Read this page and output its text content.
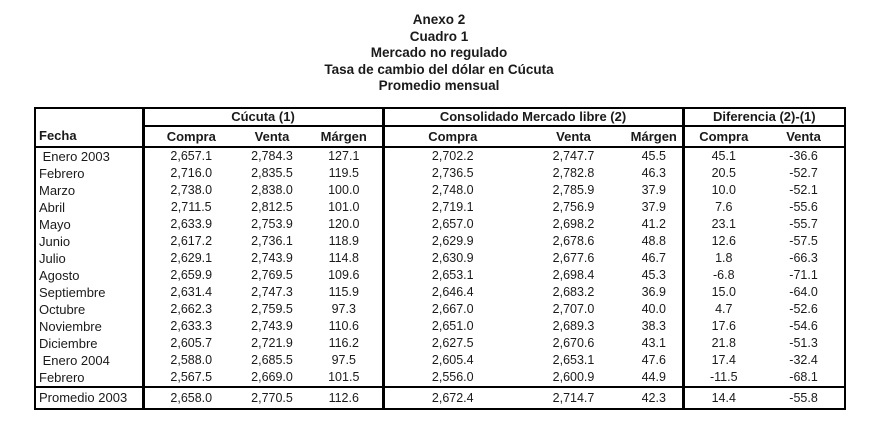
Anexo 2
Cuadro 1
Mercado no regulado
Tasa de cambio del dólar en Cúcuta
Promedio mensual
Fecha	Cúcuta (1)			Consolidado Mercado libre (2)			Diferencia (2)-(1)	
	Compra	Venta	Márgen	Compra	Venta	Márgen	Compra	Venta
Enero 2003	2,657.1	2,784.3	127.1	2,702.2	2,747.7	45.5	45.1	-36.6
Febrero	2,716.0	2,835.5	119.5	2,736.5	2,782.8	46.3	20.5	-52.7
Marzo	2,738.0	2,838.0	100.0	2,748.0	2,785.9	37.9	10.0	-52.1
Abril	2,711.5	2,812.5	101.0	2,719.1	2,756.9	37.9	7.6	-55.6
Mayo	2,633.9	2,753.9	120.0	2,657.0	2,698.2	41.2	23.1	-55.7
Junio	2,617.2	2,736.1	118.9	2,629.9	2,678.6	48.8	12.6	-57.5
Julio	2,629.1	2,743.9	114.8	2,630.9	2,677.6	46.7	1.8	-66.3
Agosto	2,659.9	2,769.5	109.6	2,653.1	2,698.4	45.3	-6.8	-71.1
Septiembre	2,631.4	2,747.3	115.9	2,646.4	2,683.2	36.9	15.0	-64.0
Octubre	2,662.3	2,759.5	97.3	2,667.0	2,707.0	40.0	4.7	-52.6
Noviembre	2,633.3	2,743.9	110.6	2,651.0	2,689.3	38.3	17.6	-54.6
Diciembre	2,605.7	2,721.9	116.2	2,627.5	2,670.6	43.1	21.8	-51.3
Enero 2004	2,588.0	2,685.5	97.5	2,605.4	2,653.1	47.6	17.4	-32.4
Febrero	2,567.5	2,669.0	101.5	2,556.0	2,600.9	44.9	-11.5	-68.1
Promedio 2003	2,658.0	2,770.5	112.6	2,672.4	2,714.7	42.3	14.4	-55.8
